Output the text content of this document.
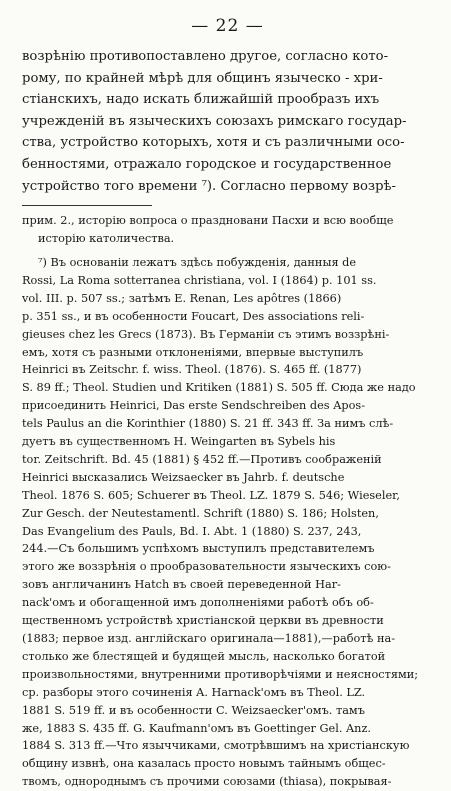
— 22 —
возрѣнію противопоставлено другое, согласно кото-
рому, по крайней мѣрѣ для общинъ языческо - хри-
стіанскихъ, надо искать ближайшій прообразъ ихъ
учрежденій въ языческихъ союзахъ римскаго государ-
ства, устройство которыхъ, хотя и съ различными осо-
бенностями, отражало городское и государственное
устройство того времени ⁷). Согласно первому возрѣ-
прим. 2., исторію вопроса о праздновани Пасхи и всю вообще
исторію католичества.
⁷) Въ основаніи лежатъ здѣсь побужденія, данныя de
Rossi, La Roma sotterranea christiana, vol. I (1864) p. 101 ss.
vol. III. p. 507 ss.; затѣмъ E. Renan, Les apôtres (1866)
p. 351 ss., и въ особенности Foucart, Des associations reli-
gieuses chez les Grecs (1873). Въ Германіи съ этимъ воззрѣні-
емъ, хотя съ разными отклоненіями, впервые выступилъ
Heinrici въ Zeitschr. f. wiss. Theol. (1876). S. 465 ff. (1877)
S. 89 ff.; Theol. Studien und Kritiken (1881) S. 505 ff. Сюда же надо
присоединить Heinrici, Das erste Sendschreiben des Apos-
tels Paulus an die Korinthier (1880) S. 21 ff. 343 ff. За нимъ слѣ-
дуетъ въ существенномъ H. Weingarten въ Sybels his
tor. Zeitschrift. Bd. 45 (1881) § 452 ff.—Противъ соображеній
Heinrici высказались Weizsaecker въ Jahrb. f. deutsche
Theol. 1876 S. 605; Schuerer въ Theol. LZ. 1879 S. 546; Wieseler,
Zur Gesch. der Neutestamentl. Schrift (1880) S. 186; Holsten,
Das Evangelium des Pauls, Bd. I. Abt. 1 (1880) S. 237, 243,
244.—Съ большимъ успѣхомъ выступилъ представителемъ
этого же воззрѣнія о прообразовательности языческихъ сою-
зовъ англичанинъ Hatch въ своей переведенной Har-
nack'омъ и обогащенной имъ дополненіями работѣ объ об-
щественномъ устройствѣ христіанской церкви въ древности
(1883; первое изд. англійскаго оригинала—1881),—работѣ на-
столько же блестящей и будящей мысль, насколько богатой
произвольностями, внутренними противорѣчіями и неясностями;
ср. разборы этого сочиненія A. Harnack'омъ въ Theol. LZ.
1881 S. 519 ff. и въ особенности C. Weizsaecker'омъ. тамъ
же, 1883 S. 435 ff. G. Kaufmann'омъ въ Goettinger Gel. Anz.
1884 S. 313 ff.—Что языччиками, смотрѣвшимъ на христіанскую
общину извнѣ, она казалась просто новымъ тайнымъ общес-
твомъ, однороднымъ съ прочими союзами (thiasa), покрывая-
